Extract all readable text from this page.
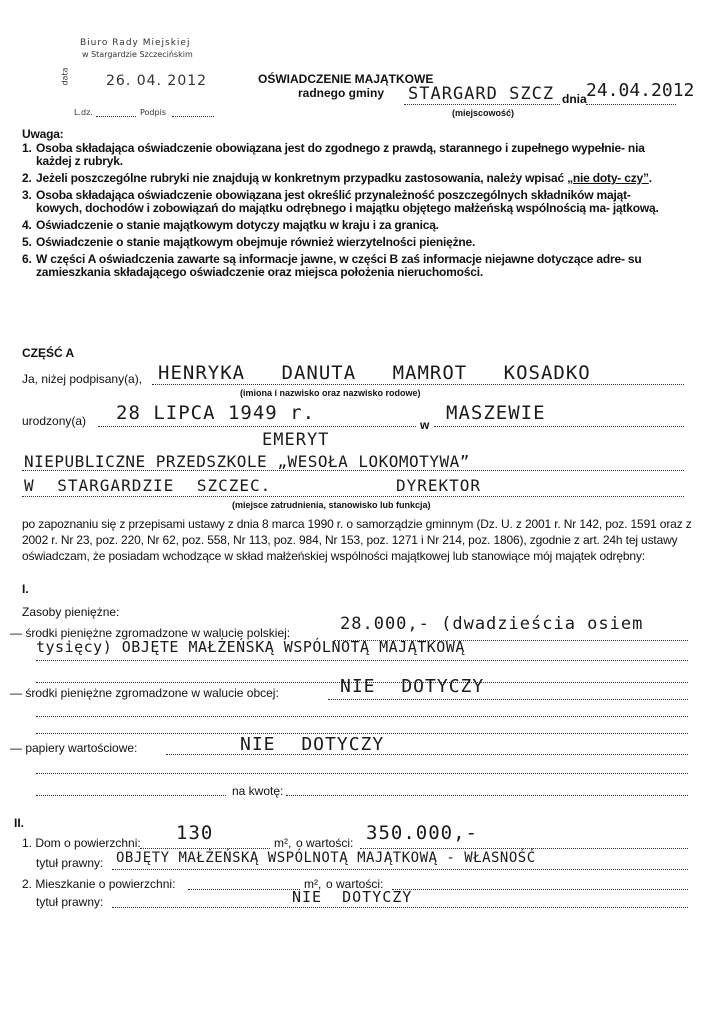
Biuro Rady Miejskiej
w Stargardzie Szczecińskim
data	26. 04. 2012
L.dz.	Podpis
OŚWIADCZENIE MAJĄTKOWE
radnego gminy STARGARD SZCZ dnia 24.04.2012
(miejscowość)
Uwaga:
1. Osoba składająca oświadczenie obowiązana jest do zgodnego z prawdą, starannego i zupełnego wypełnie- nia każdej z rubryk.
2. Jeżeli poszczególne rubryki nie znajdują w konkretnym przypadku zastosowania, należy wpisać „nie doty- czy”.
3. Osoba składająca oświadczenie obowiązana jest określić przynależność poszczególnych składników mająt- kowych, dochodów i zobowiązań do majątku odrębnego i majątku objętego małżeńską wspólnością ma- jątkową.
4. Oświadczenie o stanie majątkowym dotyczy majątku w kraju i za granicą.
5. Oświadczenie o stanie majątkowym obejmuje również wierzytelności pieniężne.
6. W części A oświadczenia zawarte są informacje jawne, w części B zaś informacje niejawne dotyczące adre- su zamieszkania składającego oświadczenie oraz miejsca położenia nieruchomości.
CZĘŚĆ A
Ja, niżej podpisany(a), HENRYKA DANUTA MAMROT KOSADKO
(imiona i nazwisko oraz nazwisko rodowe)
urodzony(a) 28 LIPCA 1949 r.
w
MASZEWIE
EMERYT
NIEPUBLICZNE PRZEDSZKOLE „WESOŁA LOKOMOTYWA”
W STARGARDZIE SZCZEC.	DYREKTOR
(miejsce zatrudnienia, stanowisko lub funkcja)
po zapoznaniu się z przepisami ustawy z dnia 8 marca 1990 r. o samorządzie gminnym (Dz. U. z 2001 r. Nr 142, poz. 1591 oraz z 2002 r. Nr 23, poz. 220, Nr 62, poz. 558, Nr 113, poz. 984, Nr 153, poz. 1271 i Nr 214, poz. 1806), zgodnie z art. 24h tej ustawy oświadczam, że posiadam wchodzące w skład małżeńskiej wspólności majątkowej lub stanowiące mój majątek odrębny:
I.
Zasoby pieniężne:
— środki pieniężne zgromadzone w walucie polskiej:	28.000,- (dwadzieścia osiem
tysięcy) OBJĘTE MAŁŻEŃSKĄ WSPÓLNOTĄ MAJĄTKOWĄ
— środki pieniężne zgromadzone w walucie obcej:	NIE DOTYCZY
— papiery wartościowe:	NIE DOTYCZY
na kwotę:
II.
1. Dom o powierzchni: 130	m², o wartości: 350.000,-
tytuł prawny: OBJĘTY MAŁŻEŃSKĄ WSPÓLNOTĄ MAJĄTKOWĄ - WŁASNOŚĆ
2. Mieszkanie o powierzchni:	m², o wartości:
tytuł prawny:	NIE DOTYCZY
